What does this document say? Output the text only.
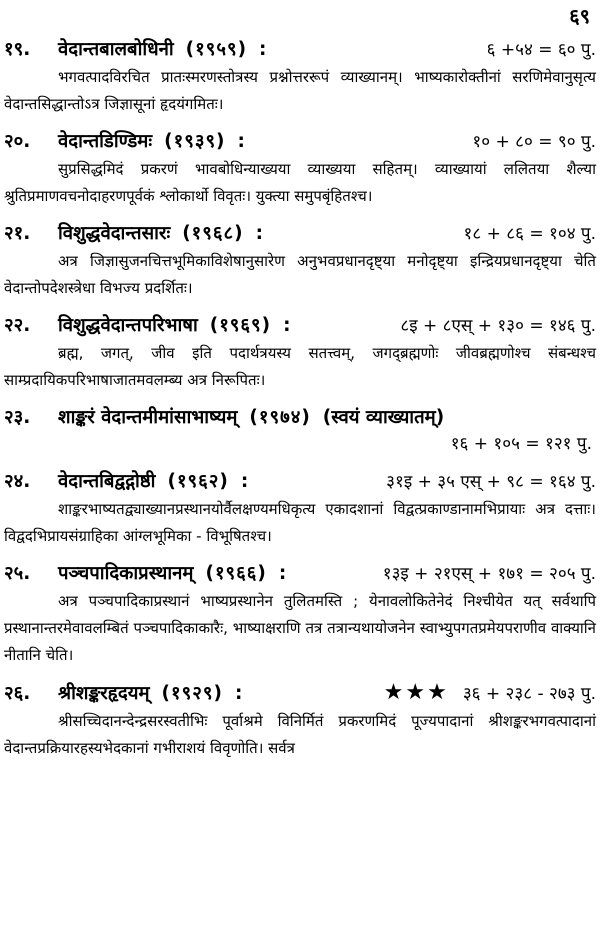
६९
१९.	वेदान्तबालबोधिनी (१९५९) :	६ +५४ = ६० पु.

भगवत्पादविरचित प्रातःस्मरणस्तोत्रस्य प्रश्नोत्तररूपं व्याख्यानम्। भाष्यकारोक्तीनां सरणिमेवानुसृत्य वेदान्तसिद्धान्तोऽत्र जिज्ञासूनां हृदयंगमितः।

२०.	वेदान्तडिण्डिमः (१९३९) :	१० + ८० = ९० पु.

सुप्रसिद्धमिदं प्रकरणं भावबोधिन्याख्यया व्याख्यया सहितम्। व्याख्यायां ललितया शैल्या श्रुतिप्रमाणवचनोदाहरणपूर्वकं श्लोकार्थो विवृतः। युक्त्या समुपबृंहितश्च।

२१.	विशुद्धवेदान्तसारः (१९६८) :	१८ + ८६ = १०४ पु.

अत्र जिज्ञासुजनचित्तभूमिकाविशेषानुसारेण अनुभवप्रधानदृष्ट्या मनोदृष्ट्या इन्द्रियप्रधानदृष्ट्या चेति वेदान्तोपदेशस्त्रेधा विभज्य प्रदर्शितः।

२२.	विशुद्धवेदान्तपरिभाषा (१९६९) :	८इ + ८एस् + १३० = १४६ पु.

ब्रह्म, जगत्, जीव इति पदार्थत्रयस्य सतत्त्वम्, जगद्ब्रह्मणोः जीवब्रह्मणोश्च संबन्धश्च साम्प्रदायिकपरिभाषाजातमवलम्ब्य अत्र निरूपितः।

२३.	शाङ्करं वेदान्तमीमांसाभाष्यम् (१९७४) (स्वयं व्याख्यातम्)
१६ + १०५ = १२१ पु.
२४.	वेदान्तबिद्वद्गोष्ठी (१९६२) :	३१इ + ३५ एस् + ९८ = १६४ पु.

शाङ्करभाष्यतद्व्याख्यानप्रस्थानयोर्वैलक्षण्यमधिकृत्य एकादशानां विद्वत्प्रकाण्डानामभिप्रायाः अत्र दत्ताः। विद्वदभिप्रायसंग्राहिका आंग्लभूमिका - विभूषितश्च।

२५.	पञ्चपादिकाप्रस्थानम् (१९६६) :	१३इ + २१एस् + १७१ = २०५ पु.

अत्र पञ्चपादिकाप्रस्थानं भाष्यप्रस्थानेन तुलितमस्ति ; येनावलोकितेनेदं निश्चीयेत यत् सर्वथापि प्रस्थानान्तरमेवावलम्बितं पञ्चपादिकाकारैः, भाष्याक्षराणि तत्र तत्रान्यथायोजनेन स्वाभ्युपगतप्रमेयपराणीव वाक्यानि नीतानि चेति।

२६.	श्रीशङ्करहृदयम् (१९२९) :	★★★ ३६ + २३८ - २७३ पु.

श्रीसच्चिदानन्देन्द्रसरस्वतीभिः पूर्वाश्रमे विनिर्मितं प्रकरणमिदं पूज्यपादानां श्रीशङ्करभगवत्पादानां वेदान्तप्रक्रियारहस्यभेदकानां गभीराशयं विवृणोति। सर्वत्र
